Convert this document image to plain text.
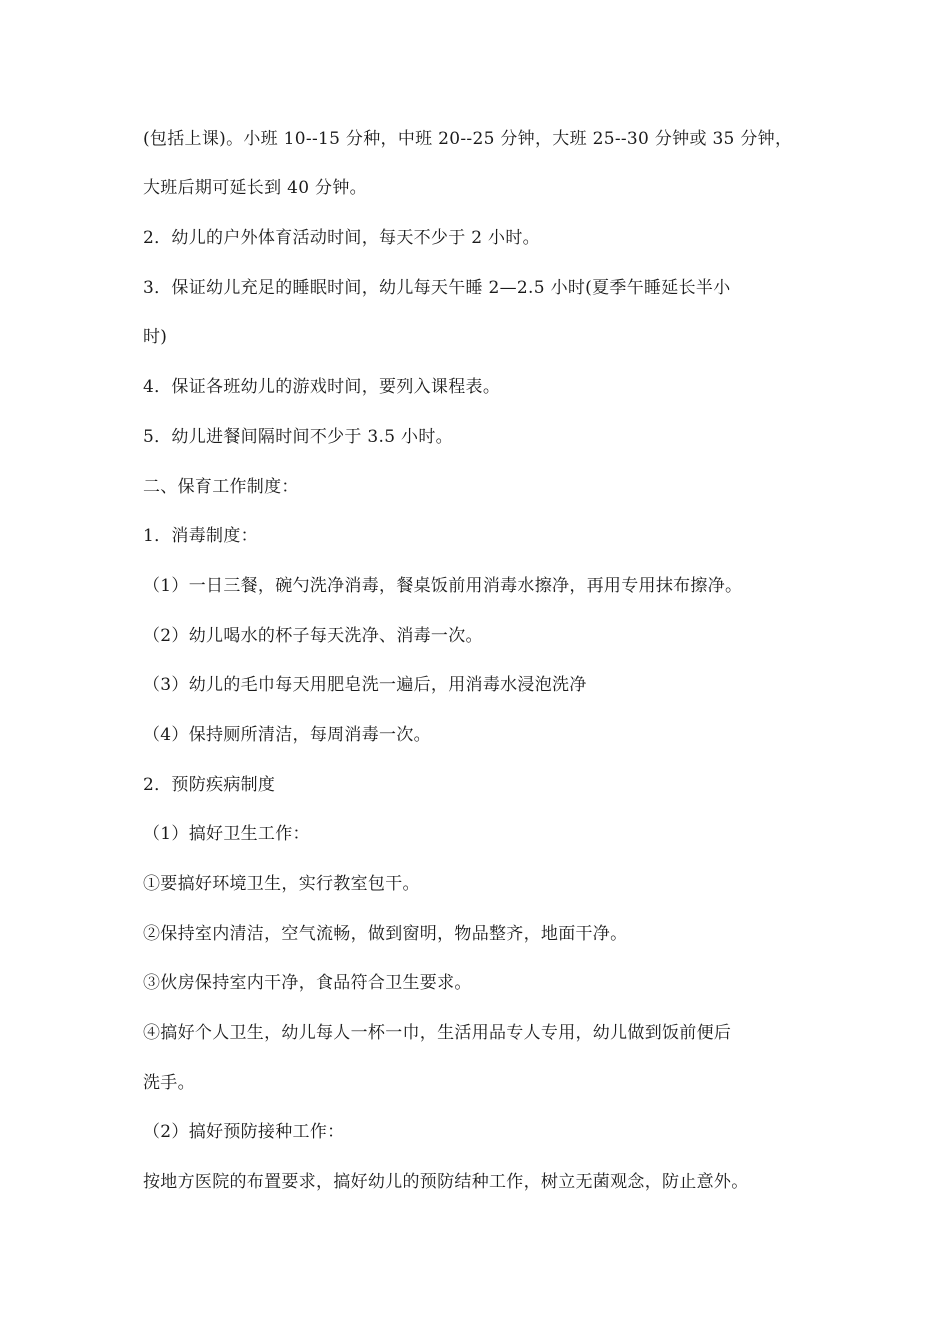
(包括上课)。小班 10--15 分种，中班 20--25 分钟，大班 25--30 分钟或 35 分钟，
大班后期可延长到 40 分钟。
2．幼儿的户外体育活动时间，每天不少于 2 小时。
3．保证幼儿充足的睡眠时间，幼儿每天午睡 2—2.5 小时(夏季午睡延长半小
时)
4．保证各班幼儿的游戏时间，要列入课程表。
5．幼儿进餐间隔时间不少于 3.5 小时。
二、保育工作制度：
1．消毒制度：
（1）一日三餐，碗勺洗净消毒，餐桌饭前用消毒水擦净，再用专用抹布擦净。
（2）幼儿喝水的杯子每天洗净、消毒一次。
（3）幼儿的毛巾每天用肥皂洗一遍后，用消毒水浸泡洗净
（4）保持厕所清洁，每周消毒一次。
2．预防疾病制度
（1）搞好卫生工作：
①要搞好环境卫生，实行教室包干。
②保持室内清洁，空气流畅，做到窗明，物品整齐，地面干净。
③伙房保持室内干净，食品符合卫生要求。
④搞好个人卫生，幼儿每人一杯一巾，生活用品专人专用，幼儿做到饭前便后
洗手。
（2）搞好预防接种工作：
按地方医院的布置要求，搞好幼儿的预防结种工作，树立无菌观念，防止意外。
